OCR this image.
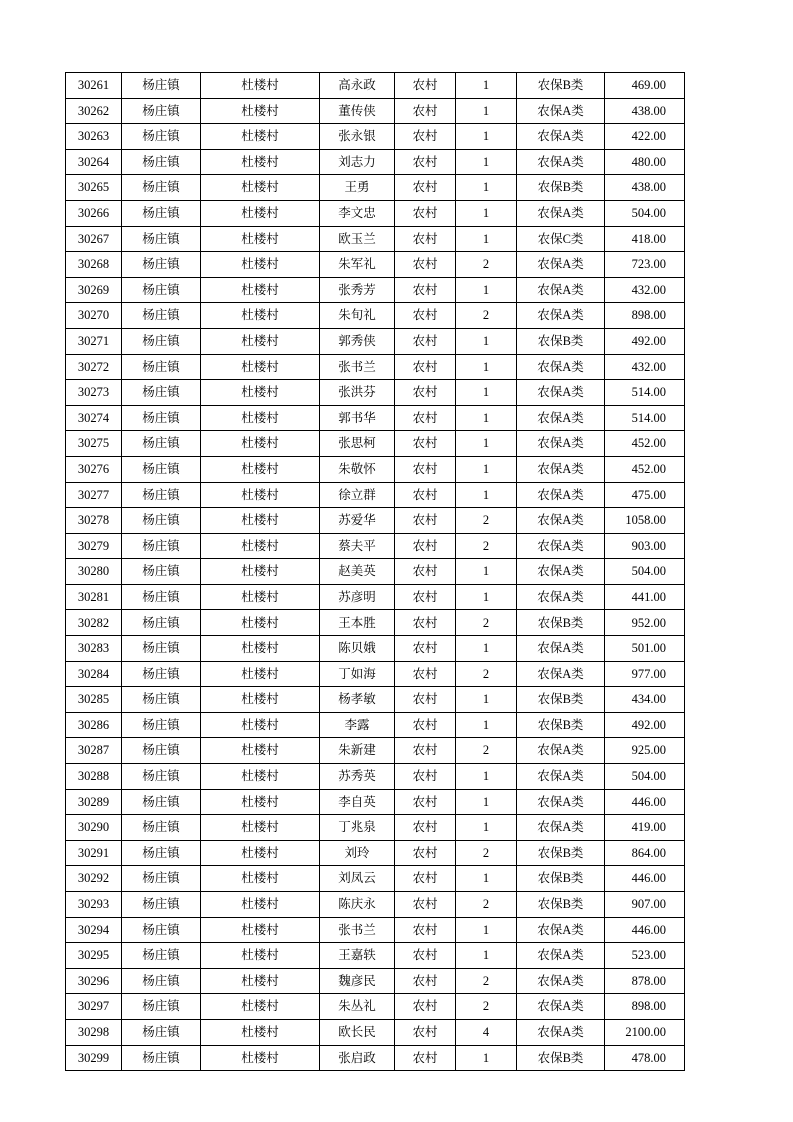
30261	杨庄镇	杜楼村	高永政	农村	1	农保B类	469.00
30262	杨庄镇	杜楼村	董传侠	农村	1	农保A类	438.00
30263	杨庄镇	杜楼村	张永银	农村	1	农保A类	422.00
30264	杨庄镇	杜楼村	刘志力	农村	1	农保A类	480.00
30265	杨庄镇	杜楼村	王勇	农村	1	农保B类	438.00
30266	杨庄镇	杜楼村	李文忠	农村	1	农保A类	504.00
30267	杨庄镇	杜楼村	欧玉兰	农村	1	农保C类	418.00
30268	杨庄镇	杜楼村	朱军礼	农村	2	农保A类	723.00
30269	杨庄镇	杜楼村	张秀芳	农村	1	农保A类	432.00
30270	杨庄镇	杜楼村	朱旬礼	农村	2	农保A类	898.00
30271	杨庄镇	杜楼村	郭秀侠	农村	1	农保B类	492.00
30272	杨庄镇	杜楼村	张书兰	农村	1	农保A类	432.00
30273	杨庄镇	杜楼村	张洪芬	农村	1	农保A类	514.00
30274	杨庄镇	杜楼村	郭书华	农村	1	农保A类	514.00
30275	杨庄镇	杜楼村	张思柯	农村	1	农保A类	452.00
30276	杨庄镇	杜楼村	朱敬怀	农村	1	农保A类	452.00
30277	杨庄镇	杜楼村	徐立群	农村	1	农保A类	475.00
30278	杨庄镇	杜楼村	苏爱华	农村	2	农保A类	1058.00
30279	杨庄镇	杜楼村	蔡夫平	农村	2	农保A类	903.00
30280	杨庄镇	杜楼村	赵美英	农村	1	农保A类	504.00
30281	杨庄镇	杜楼村	苏彦明	农村	1	农保A类	441.00
30282	杨庄镇	杜楼村	王本胜	农村	2	农保B类	952.00
30283	杨庄镇	杜楼村	陈贝娥	农村	1	农保A类	501.00
30284	杨庄镇	杜楼村	丁如海	农村	2	农保A类	977.00
30285	杨庄镇	杜楼村	杨孝敏	农村	1	农保B类	434.00
30286	杨庄镇	杜楼村	李露	农村	1	农保B类	492.00
30287	杨庄镇	杜楼村	朱新建	农村	2	农保A类	925.00
30288	杨庄镇	杜楼村	苏秀英	农村	1	农保A类	504.00
30289	杨庄镇	杜楼村	李自英	农村	1	农保A类	446.00
30290	杨庄镇	杜楼村	丁兆泉	农村	1	农保A类	419.00
30291	杨庄镇	杜楼村	刘玲	农村	2	农保B类	864.00
30292	杨庄镇	杜楼村	刘凤云	农村	1	农保B类	446.00
30293	杨庄镇	杜楼村	陈庆永	农村	2	农保B类	907.00
30294	杨庄镇	杜楼村	张书兰	农村	1	农保A类	446.00
30295	杨庄镇	杜楼村	王嘉轶	农村	1	农保A类	523.00
30296	杨庄镇	杜楼村	魏彦民	农村	2	农保A类	878.00
30297	杨庄镇	杜楼村	朱丛礼	农村	2	农保A类	898.00
30298	杨庄镇	杜楼村	欧长民	农村	4	农保A类	2100.00
30299	杨庄镇	杜楼村	张启政	农村	1	农保B类	478.00
